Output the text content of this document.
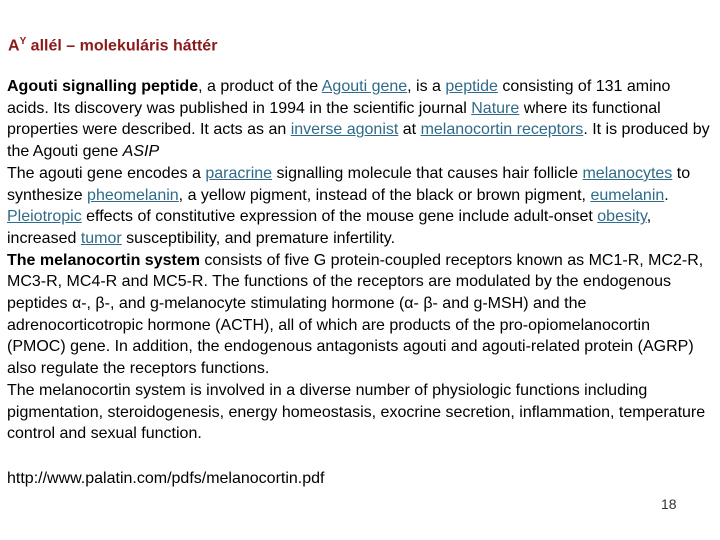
$A^Y$ allél – molekuláris háttér

Agouti signalling peptide, a product of the Agouti gene, is a peptide consisting of 131 amino acids. Its discovery was published in 1994 in the scientific journal Nature where its functional properties were described. It acts as an inverse agonist at melanocortin receptors. It is produced by the Agouti gene ASIP

The agouti gene encodes a paracrine signalling molecule that causes hair follicle melanocytes to synthesize pheomelanin, a yellow pigment, instead of the black or brown pigment, eumelanin. Pleiotropic effects of constitutive expression of the mouse gene include adult-onset obesity, increased tumor susceptibility, and premature infertility.

The melanocortin system consists of five G protein-coupled receptors known as MC1-R, MC2-R, MC3-R, MC4-R and MC5-R. The functions of the receptors are modulated by the endogenous peptides α-, β-, and g-melanocyte stimulating hormone (α- β- and g-MSH) and the adrenocorticotropic hormone (ACTH), all of which are products of the pro-opiomelanocortin (PMOC) gene. In addition, the endogenous antagonists agouti and agouti-related protein (AGRP) also regulate the receptors functions.

The melanocortin system is involved in a diverse number of physiologic functions including pigmentation, steroidogenesis, energy homeostasis, exocrine secretion, inflammation, temperature control and sexual function.

http://www.palatin.com/pdfs/melanocortin.pdf
18
